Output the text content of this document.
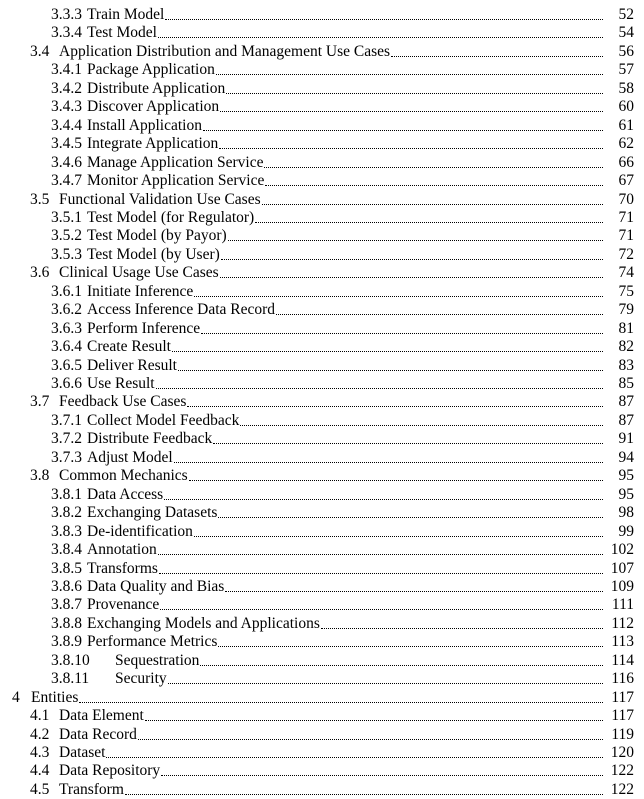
3.3.3 Train Model	52
3.3.4 Test Model	54
3.4 Application Distribution and Management Use Cases	56
3.4.1 Package Application	57
3.4.2 Distribute Application	58
3.4.3 Discover Application	60
3.4.4 Install Application	61
3.4.5 Integrate Application	62
3.4.6 Manage Application Service	66
3.4.7 Monitor Application Service	67
3.5 Functional Validation Use Cases	70
3.5.1 Test Model (for Regulator)	71
3.5.2 Test Model (by Payor)	71
3.5.3 Test Model (by User)	72
3.6 Clinical Usage Use Cases	74
3.6.1 Initiate Inference	75
3.6.2 Access Inference Data Record	79
3.6.3 Perform Inference	81
3.6.4 Create Result	82
3.6.5 Deliver Result	83
3.6.6 Use Result	85
3.7 Feedback Use Cases	87
3.7.1 Collect Model Feedback	87
3.7.2 Distribute Feedback	91
3.7.3 Adjust Model	94
3.8 Common Mechanics	95
3.8.1 Data Access	95
3.8.2 Exchanging Datasets	98
3.8.3 De-identification	99
3.8.4 Annotation	102
3.8.5 Transforms	107
3.8.6 Data Quality and Bias	109
3.8.7 Provenance	111
3.8.8 Exchanging Models and Applications	112
3.8.9 Performance Metrics	113
3.8.10 Sequestration	114
3.8.11 Security	116
4 Entities	117
4.1 Data Element	117
4.2 Data Record	119
4.3 Dataset	120
4.4 Data Repository	122
4.5 Transform	122
